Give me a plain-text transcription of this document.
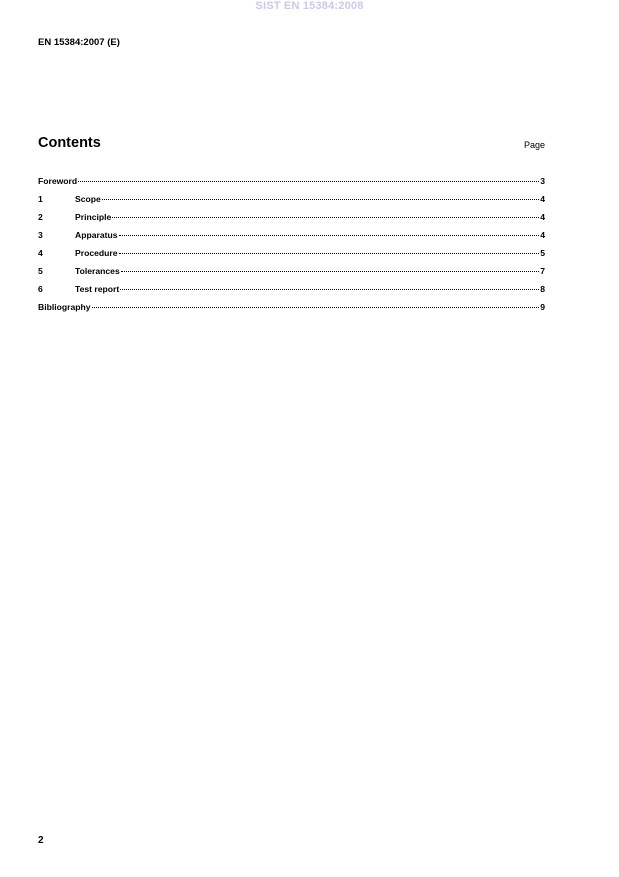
SIST EN 15384:2008
EN 15384:2007 (E)
Contents	Page
Foreword	3
1	Scope	4
2	Principle	4
3	Apparatus	4
4	Procedure	5
5	Tolerances	7
6	Test report	8
Bibliography	9
2
